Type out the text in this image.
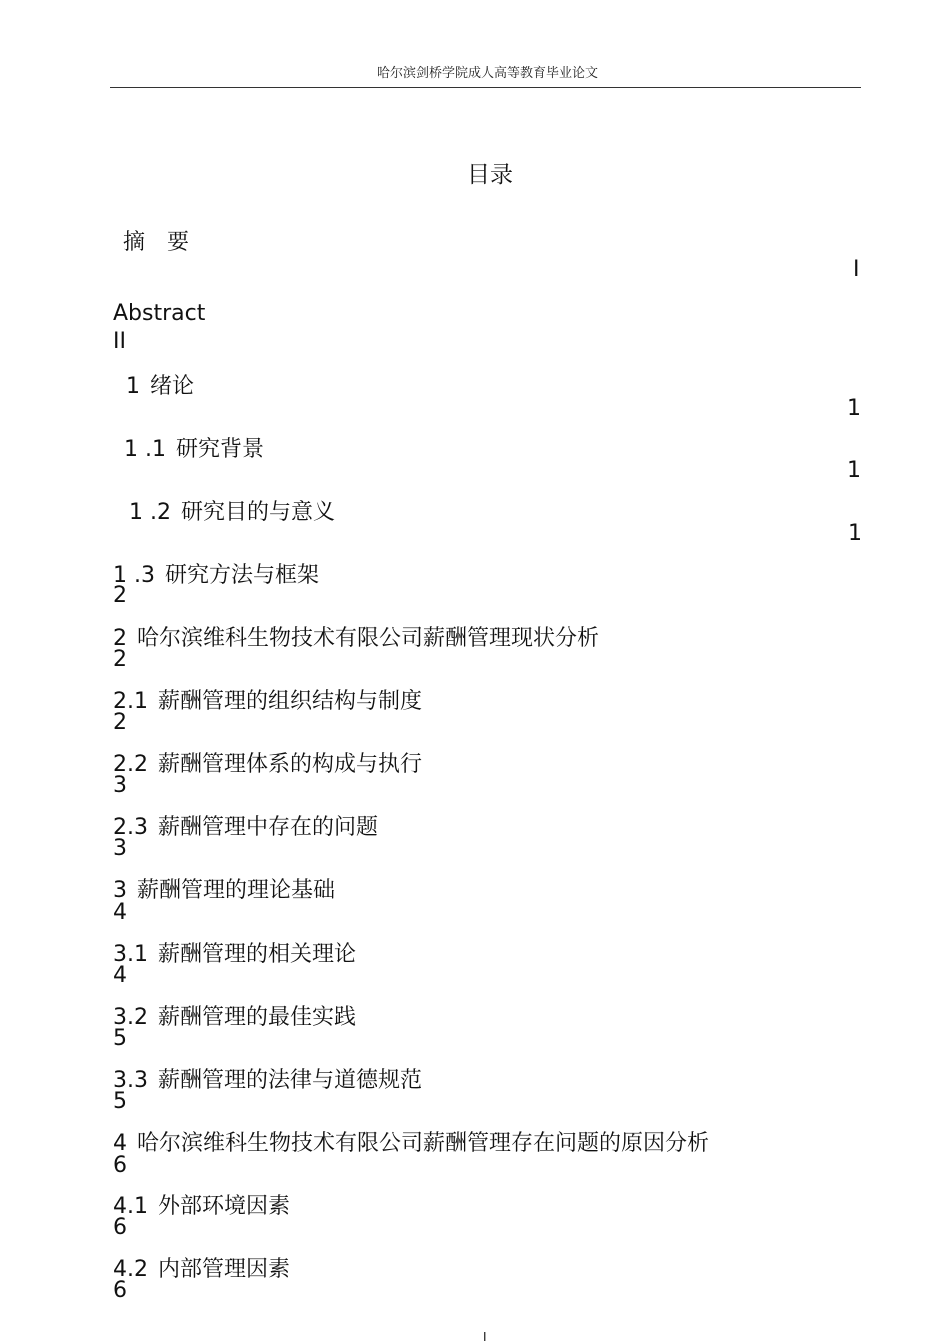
哈尔滨剑桥学院成人高等教育毕业论文
目录
摘　要
I
Abstract
II
1 绪论
1
1 .1 研究背景
1
1 .2 研究目的与意义
1
1 .3 研究方法与框架
2
2 哈尔滨维科生物技术有限公司薪酬管理现状分析
2
2.1 薪酬管理的组织结构与制度
2
2.2 薪酬管理体系的构成与执行
3
2.3 薪酬管理中存在的问题
3
3 薪酬管理的理论基础
4
3.1 薪酬管理的相关理论
4
3.2 薪酬管理的最佳实践
5
3.3 薪酬管理的法律与道德规范
5
4 哈尔滨维科生物技术有限公司薪酬管理存在问题的原因分析
6
4.1 外部环境因素
6
4.2 内部管理因素
6
I
